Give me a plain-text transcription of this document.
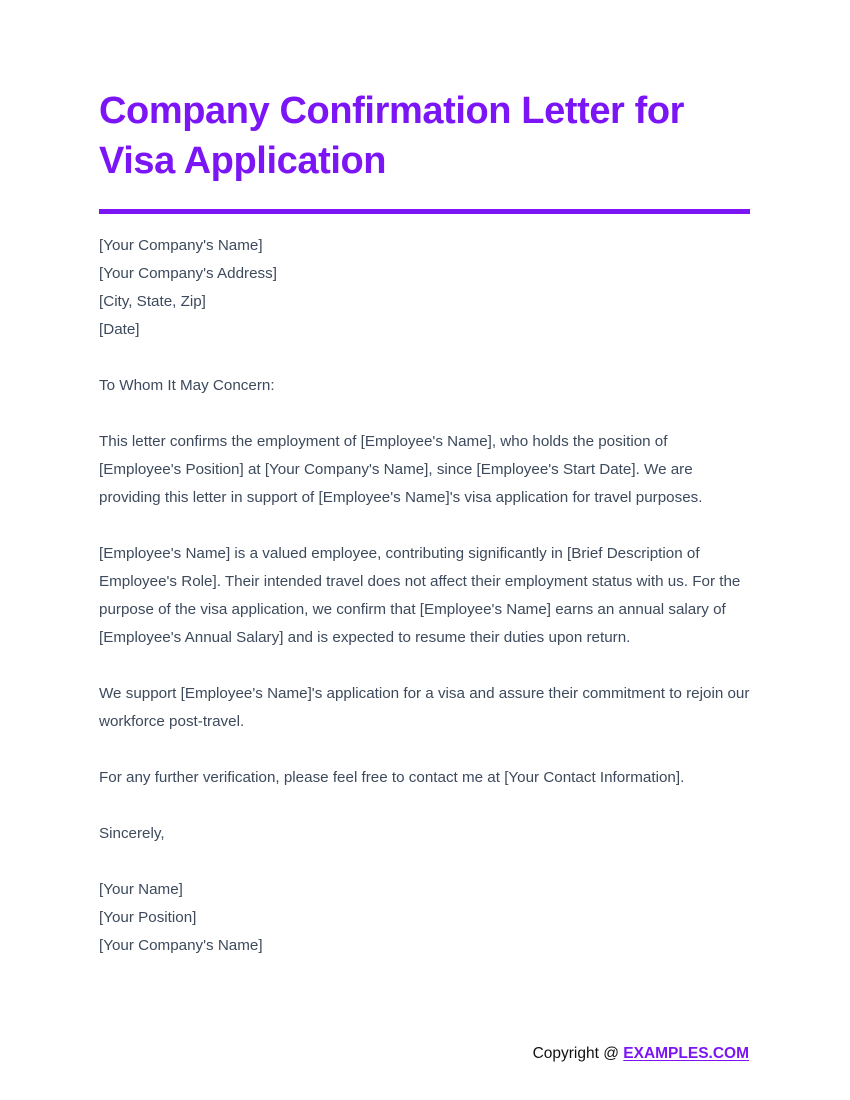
Company Confirmation Letter for Visa Application
[Your Company's Name]
[Your Company's Address]
[City, State, Zip]
[Date]

To Whom It May Concern:

This letter confirms the employment of [Employee's Name], who holds the position of [Employee's Position] at [Your Company's Name], since [Employee's Start Date]. We are providing this letter in support of [Employee's Name]'s visa application for travel purposes.

[Employee's Name] is a valued employee, contributing significantly in [Brief Description of Employee's Role]. Their intended travel does not affect their employment status with us. For the purpose of the visa application, we confirm that [Employee's Name] earns an annual salary of [Employee's Annual Salary] and is expected to resume their duties upon return.

We support [Employee's Name]'s application for a visa and assure their commitment to rejoin our workforce post-travel.

For any further verification, please feel free to contact me at [Your Contact Information].

Sincerely,

[Your Name]
[Your Position]
[Your Company's Name]
Copyright @ EXAMPLES.COM
